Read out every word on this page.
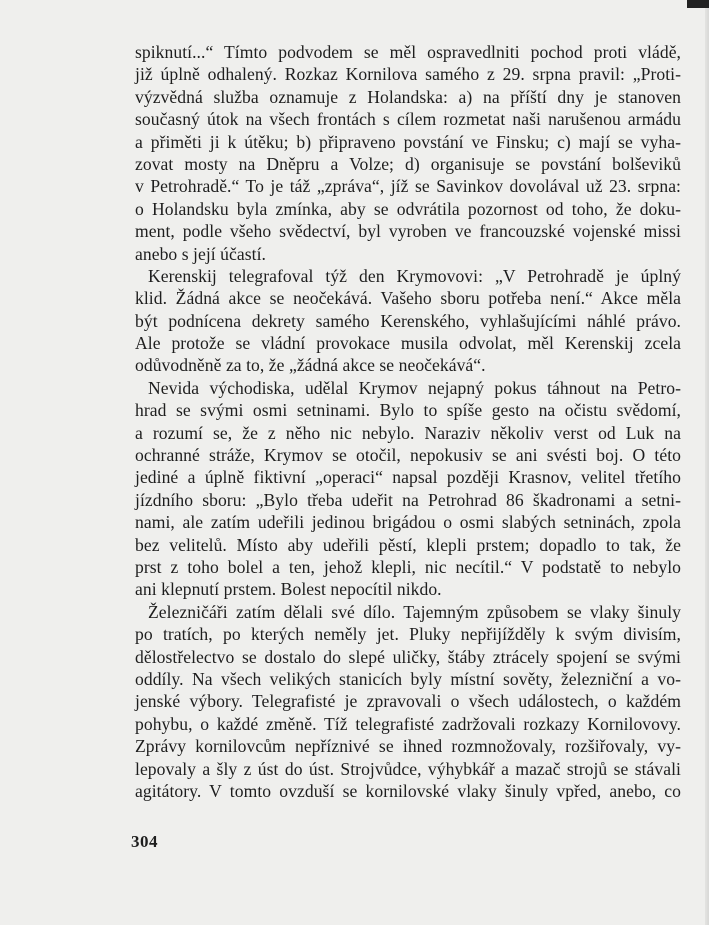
spiknutí...“ Tímto podvodem se měl ospravedlniti pochod proti vládě,
již úplně odhalený. Rozkaz Kornilova samého z 29. srpna pravil: „Proti-
výzvědná služba oznamuje z Holandska: a) na příští dny je stanoven
současný útok na všech frontách s cílem rozmetat naši narušenou armádu
a přiměti ji k útěku; b) připraveno povstání ve Finsku; c) mají se vyha-
zovat mosty na Dněpru a Volze; d) organisuje se povstání bolševiků
v Petrohradě.“ To je táž „zpráva“, jíž se Savinkov dovolával už 23. srpna:
o Holandsku byla zmínka, aby se odvrátila pozornost od toho, že doku-
ment, podle všeho svědectví, byl vyroben ve francouzské vojenské missi
anebo s její účastí.
Kerenskij telegrafoval týž den Krymovovi: „V Petrohradě je úplný
klid. Žádná akce se neočekává. Vašeho sboru potřeba není.“ Akce měla
být podnícena dekrety samého Kerenského, vyhlašujícími náhlé právo.
Ale protože se vládní provokace musila odvolat, měl Kerenskij zcela
odůvodněně za to, že „žádná akce se neočekává“.
Nevida východiska, udělal Krymov nejapný pokus táhnout na Petro-
hrad se svými osmi setninami. Bylo to spíše gesto na očistu svědomí,
a rozumí se, že z něho nic nebylo. Naraziv několiv verst od Luk na
ochranné stráže, Krymov se otočil, nepokusiv se ani svésti boj. O této
jediné a úplně fiktivní „operaci“ napsal později Krasnov, velitel třetího
jízdního sboru: „Bylo třeba udeřit na Petrohrad 86 škadronami a setni-
nami, ale zatím udeřili jedinou brigádou o osmi slabých setninách, zpola
bez velitelů. Místo aby udeřili pěstí, klepli prstem; dopadlo to tak, že
prst z toho bolel a ten, jehož klepli, nic necítil.“ V podstatě to nebylo
ani klepnutí prstem. Bolest nepocítil nikdo.
Železničáři zatím dělali své dílo. Tajemným způsobem se vlaky šinuly
po tratích, po kterých neměly jet. Pluky nepřijížděly k svým divisím,
dělostřelectvo se dostalo do slepé uličky, štáby ztrácely spojení se svými
oddíly. Na všech velikých stanicích byly místní sověty, železniční a vo-
jenské výbory. Telegrafisté je zpravovali o všech událostech, o každém
pohybu, o každé změně. Tíž telegrafisté zadržovali rozkazy Kornilovovy.
Zprávy kornilovcům nepříznivé se ihned rozmnožovaly, rozšiřovaly, vy-
lepovaly a šly z úst do úst. Strojvůdce, výhybkář a mazač strojů se stávali
agitátory. V tomto ovzduší se kornilovské vlaky šinuly vpřed, anebo, co
304
